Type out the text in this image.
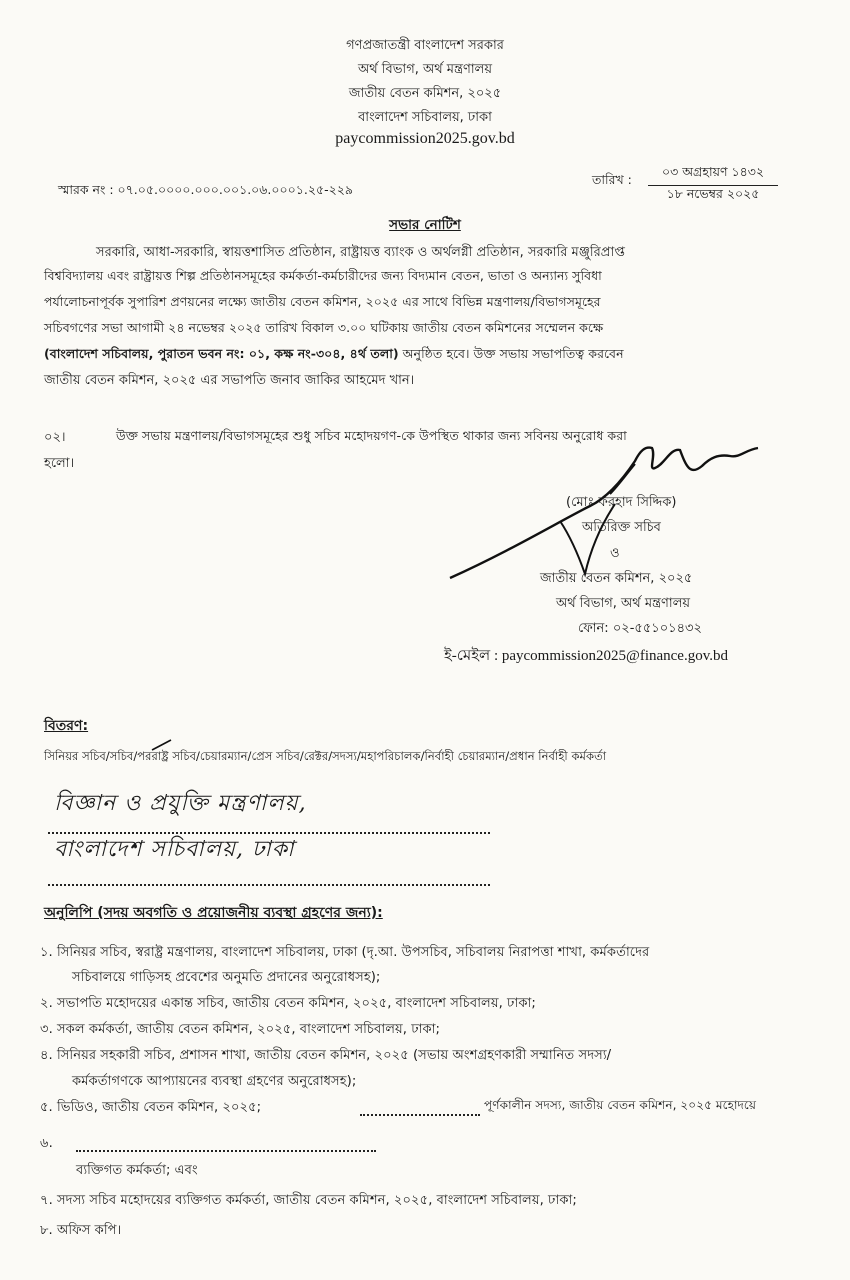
গণপ্রজাতন্ত্রী বাংলাদেশ সরকার
অর্থ বিভাগ, অর্থ মন্ত্রণালয়
জাতীয় বেতন কমিশন, ২০২৫
বাংলাদেশ সচিবালয়, ঢাকা
paycommission2025.gov.bd
স্মারক নং : ০৭.০৫.০০০০.০০০.০০১.০৬.০০০১.২৫-২২৯
তারিখ :
০৩ অগ্রহায়ণ ১৪৩২
১৮ নভেম্বর ২০২৫
সভার নোটিশ
সরকারি, আধা-সরকারি, স্বায়ত্তশাসিত প্রতিষ্ঠান, রাষ্ট্রায়ত্ত ব্যাংক ও অর্থলগ্নী প্রতিষ্ঠান, সরকারি মঞ্জুরিপ্রাপ্ত
বিশ্ববিদ্যালয় এবং রাষ্ট্রায়ত্ত শিল্প প্রতিষ্ঠানসমূহের কর্মকর্তা-কর্মচারীদের জন্য বিদ্যমান বেতন, ভাতা ও অন্যান্য সুবিধা
পর্যালোচনাপূর্বক সুপারিশ প্রণয়নের লক্ষ্যে জাতীয় বেতন কমিশন, ২০২৫ এর সাথে বিভিন্ন মন্ত্রণালয়/বিভাগসমূহের
সচিবগণের সভা আগামী ২৪ নভেম্বর ২০২৫ তারিখ বিকাল ৩.০০ ঘটিকায় জাতীয় বেতন কমিশনের সম্মেলন কক্ষে
(বাংলাদেশ সচিবালয়, পুরাতন ভবন নং: ০১, কক্ষ নং-৩০৪, ৪র্থ তলা) অনুষ্ঠিত হবে। উক্ত সভায় সভাপতিত্ব করবেন
জাতীয় বেতন কমিশন, ২০২৫ এর সভাপতি জনাব জাকির আহমেদ খান।
০২।	উক্ত সভায় মন্ত্রণালয়/বিভাগসমূহের শুধু সচিব মহোদয়গণ-কে উপস্থিত থাকার জন্য সবিনয় অনুরোধ করা
হলো।
(মোঃ ফরহাদ সিদ্দিক)
অতিরিক্ত সচিব
ও
জাতীয় বেতন কমিশন, ২০২৫
অর্থ বিভাগ, অর্থ মন্ত্রণালয়
ফোন: ০২-৫৫১০১৪৩২
ই-মেইল : paycommission2025@finance.gov.bd
বিতরণ:
সিনিয়র সচিব/সচিব/পররাষ্ট্র সচিব/চেয়ারম্যান/প্রেস সচিব/রেক্টর/সদস্য/মহাপরিচালক/নির্বাহী চেয়ারম্যান/প্রধান নির্বাহী কর্মকর্তা
বিজ্ঞান ও প্রযুক্তি মন্ত্রণালয়,
বাংলাদেশ সচিবালয়, ঢাকা
অনুলিপি (সদয় অবগতি ও প্রয়োজনীয় ব্যবস্থা গ্রহণের জন্য):
১. সিনিয়র সচিব, স্বরাষ্ট্র মন্ত্রণালয়, বাংলাদেশ সচিবালয়, ঢাকা (দৃ.আ. উপসচিব, সচিবালয় নিরাপত্তা শাখা, কর্মকর্তাদের
সচিবালয়ে গাড়িসহ প্রবেশের অনুমতি প্রদানের অনুরোধসহ);
২. সভাপতি মহোদয়ের একান্ত সচিব, জাতীয় বেতন কমিশন, ২০২৫, বাংলাদেশ সচিবালয়, ঢাকা;
৩. সকল কর্মকর্তা, জাতীয় বেতন কমিশন, ২০২৫, বাংলাদেশ সচিবালয়, ঢাকা;
৪. সিনিয়র সহকারী সচিব, প্রশাসন শাখা, জাতীয় বেতন কমিশন, ২০২৫ (সভায় অংশগ্রহণকারী সম্মানিত সদস্য/
কর্মকর্তাগণকে আপ্যায়নের ব্যবস্থা গ্রহণের অনুরোধসহ);
৫. ভিডিও, জাতীয় বেতন কমিশন, ২০২৫;	পূর্ণকালীন সদস্য, জাতীয় বেতন কমিশন, ২০২৫ মহোদয়ে
৬.
ব্যক্তিগত কর্মকর্তা; এবং
৭. সদস্য সচিব মহোদয়ের ব্যক্তিগত কর্মকর্তা, জাতীয় বেতন কমিশন, ২০২৫, বাংলাদেশ সচিবালয়, ঢাকা;
৮. অফিস কপি।
